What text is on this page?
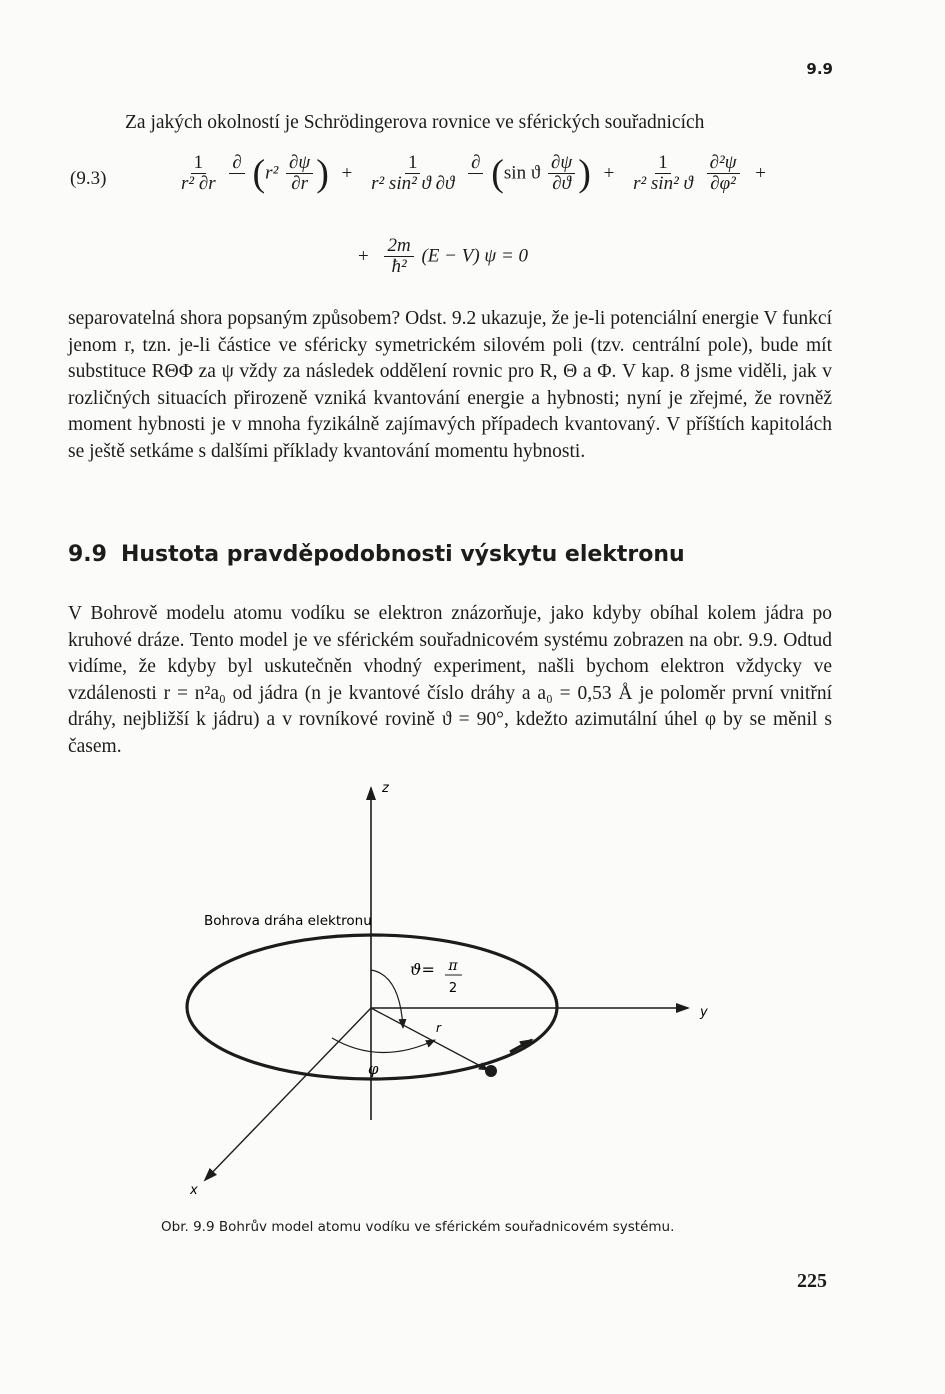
9.9
Za jakých okolností je Schrödingerova rovnice ve sférických souřadnicích
(9.3)	$\frac{1}{\text{r² ∂r}}$
∂
($r^2 \frac{\partial\psi}{\partial r}$ ) + $\frac{1}{\text{r² sin² ϑ ∂ϑ}}$
∂
(sin ϑ $\frac{\partial\psi}{\partial ϑ}$ ) + $\frac{1}{\text{r² sin² ϑ}}$
$\frac{\text{∂²ψ}}{\text{∂φ²}}$ +
+ $\frac{2m}{\text{ħ²}} (E - V) \psi = 0$

separovatelná shora popsaným způsobem? Odst. 9.2 ukazuje, že je-li potenciální energie V funkcí jenom r, tzn. je-li částice ve sféricky symetrickém silovém poli (tzv. centrální pole), bude mít substituce RΘΦ za ψ vždy za následek oddělení rovnic pro R, Θ a Φ. V kap. 8 jsme viděli, jak v rozličných situacích přirozeně vzniká kvantování energie a hybnosti; nyní je zřejmé, že rovněž moment hybnosti je v mnoha fyzikálně zajímavých případech kvantovaný. V příštích kapitolách se ještě setkáme s dalšími příklady kvantování momentu hybnosti.

9.9 Hustota pravděpodobnosti výskytu elektronu

V Bohrově modelu atomu vodíku se elektron znázorňuje, jako kdyby obíhal kolem jádra po kruhové dráze. Tento model je ve sférickém souřadnicovém systému zobrazen na obr. 9.9. Odtud vidíme, že kdyby byl uskutečněn vhodný experiment, našli bychom elektron vždycky ve vzdálenosti r = n²a₀ od jádra (n je kvantové číslo dráhy a a₀ = 0,53 Å je poloměr první vnitřní dráhy, nejbližší k jádru) a v rovníkové rovině ϑ = 90°, kdežto azimutální úhel φ by se měnil s časem.

z
y
x
Bohrova dráha elektronu
r
ϑ= π
2
φ
Obr. 9.9 Bohrův model atomu vodíku ve sférickém souřadnicovém systému.
225
